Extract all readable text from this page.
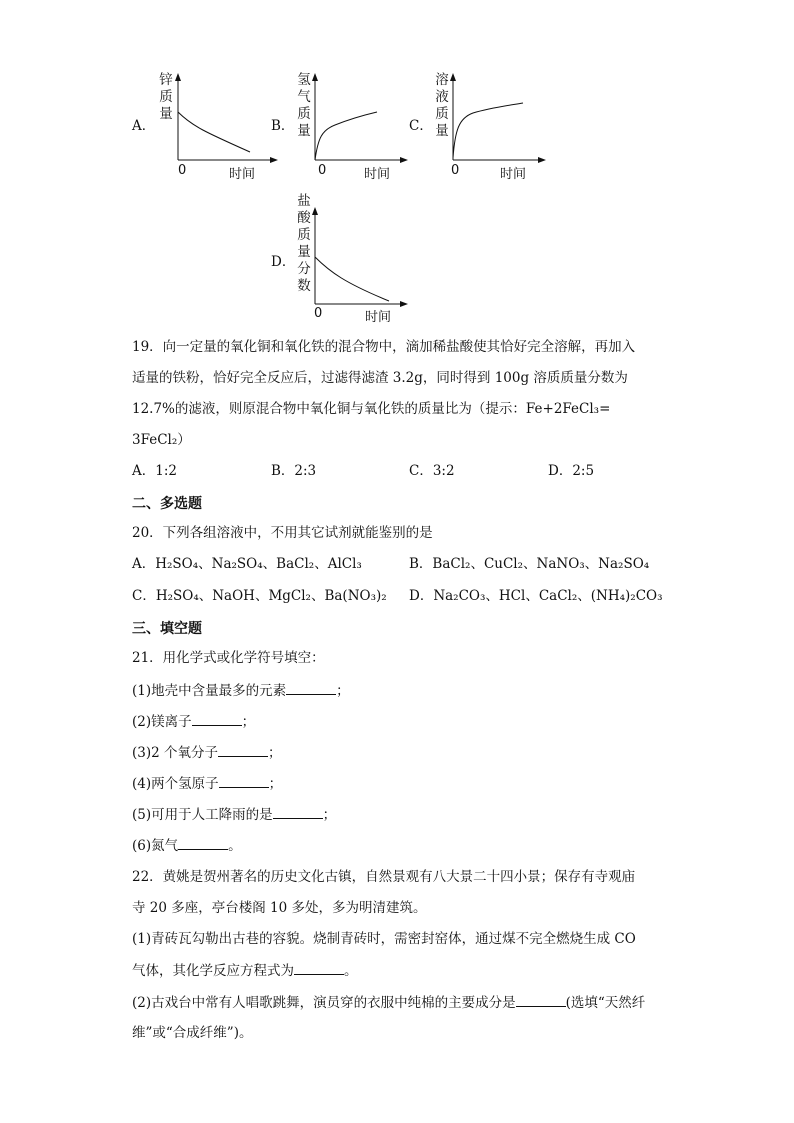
A．
锌质量
0	时间
B．
氢气质量
0	时间
C．
溶液质量
0	时间
D．
盐酸质量分数
0	时间
19．向一定量的氧化铜和氧化铁的混合物中，滴加稀盐酸使其恰好完全溶解，再加入
适量的铁粉，恰好完全反应后，过滤得滤渣 3.2g，同时得到 100g 溶质质量分数为
12.7%的滤液，则原混合物中氧化铜与氧化铁的质量比为（提示：Fe+2FeCl₃=
3FeCl₂）
A．1:2	B．2:3	C．3:2	D．2:5
二、多选题
20．下列各组溶液中，不用其它试剂就能鉴别的是
A．H₂SO₄、Na₂SO₄、BaCl₂、AlCl₃	B．BaCl₂、CuCl₂、NaNO₃、Na₂SO₄
C．H₂SO₄、NaOH、MgCl₂、Ba(NO₃)₂ D．Na₂CO₃、HCl、CaCl₂、(NH₄)₂CO₃
三、填空题
21．用化学式或化学符号填空：
(1)地壳中含量最多的元素	；
(2)镁离子	；
(3)2 个氧分子	；
(4)两个氢原子	；
(5)可用于人工降雨的是	；
(6)氮气	。
22．黄姚是贺州著名的历史文化古镇，自然景观有八大景二十四小景；保存有寺观庙
寺 20 多座，亭台楼阁 10 多处，多为明清建筑。
(1)青砖瓦勾勒出古巷的容貌。烧制青砖时，需密封窑体，通过煤不完全燃烧生成 CO
气体，其化学反应方程式为	。
(2)古戏台中常有人唱歌跳舞，演员穿的衣服中纯棉的主要成分是	(选填“天然纤
维”或“合成纤维”)。
